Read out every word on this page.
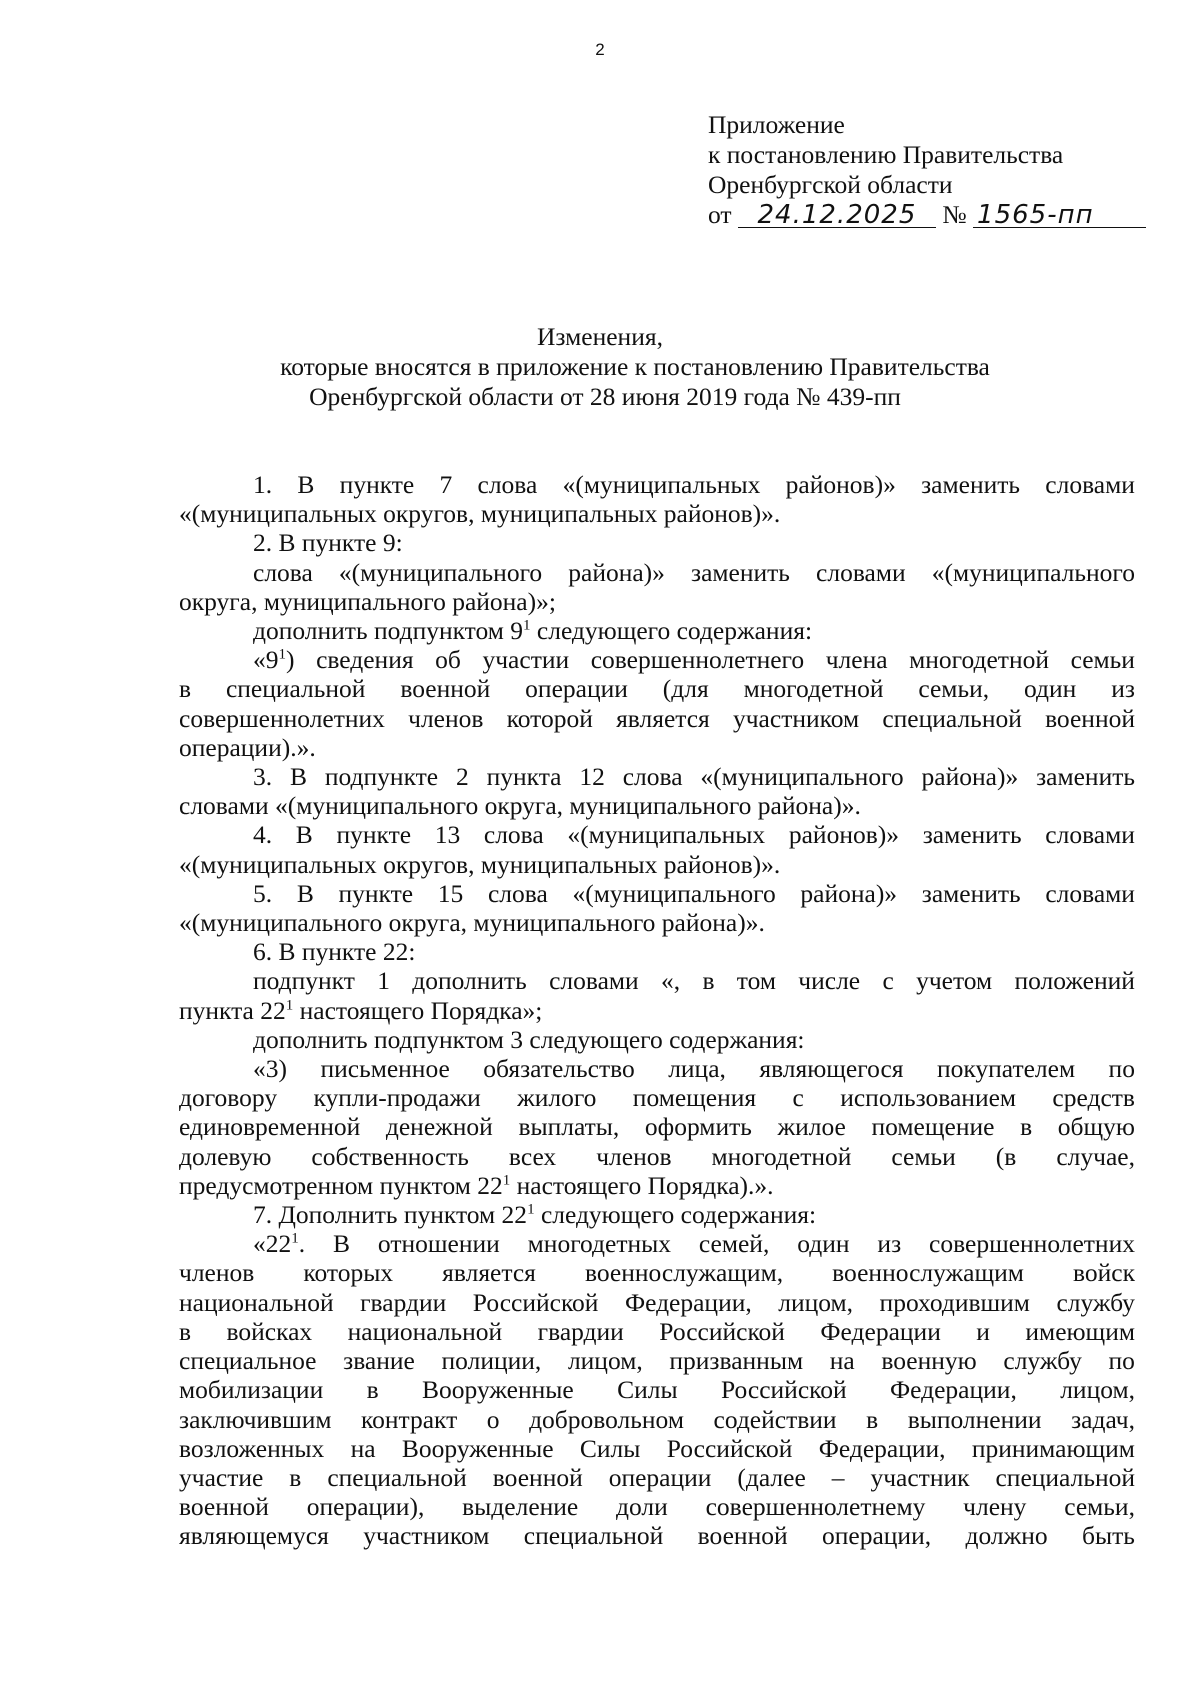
2
Приложение
к постановлению Правительства
Оренбургской области
от 24.12.2025 № 1565-пп
Изменения,
которые вносятся в приложение к постановлению Правительства
Оренбургской области от 28 июня 2019 года № 439-пп
1. В пункте 7 слова «(муниципальных районов)» заменить словами
«(муниципальных округов, муниципальных районов)».
2. В пункте 9:
слова «(муниципального района)» заменить словами «(муниципального
округа, муниципального района)»;
дополнить подпунктом $9^1$ следующего содержания:
«$9^1$) сведения об участии совершеннолетнего члена многодетной семьи
в специальной военной операции (для многодетной семьи, один из
совершеннолетних членов которой является участником специальной военной
операции).».
3. В подпункте 2 пункта 12 слова «(муниципального района)» заменить
словами «(муниципального округа, муниципального района)».
4. В пункте 13 слова «(муниципальных районов)» заменить словами
«(муниципальных округов, муниципальных районов)».
5. В пункте 15 слова «(муниципального района)» заменить словами
«(муниципального округа, муниципального района)».
6. В пункте 22:
подпункт 1 дополнить словами «, в том числе с учетом положений
пункта $22^1$ настоящего Порядка»;
дополнить подпунктом 3 следующего содержания:
«3) письменное обязательство лица, являющегося покупателем по
договору купли-продажи жилого помещения с использованием средств
единовременной денежной выплаты, оформить жилое помещение в общую
долевую собственность всех членов многодетной семьи (в случае,
предусмотренном пунктом $22^1$ настоящего Порядка).».
7. Дополнить пунктом $22^1$ следующего содержания:
«$22^1$. В отношении многодетных семей, один из совершеннолетних
членов которых является военнослужащим, военнослужащим войск
национальной гвардии Российской Федерации, лицом, проходившим службу
в войсках национальной гвардии Российской Федерации и имеющим
специальное звание полиции, лицом, призванным на военную службу по
мобилизации в Вооруженные Силы Российской Федерации, лицом,
заключившим контракт о добровольном содействии в выполнении задач,
возложенных на Вооруженные Силы Российской Федерации, принимающим
участие в специальной военной операции (далее – участник специальной
военной операции), выделение доли совершеннолетнему члену семьи,
являющемуся участником специальной военной операции, должно быть
